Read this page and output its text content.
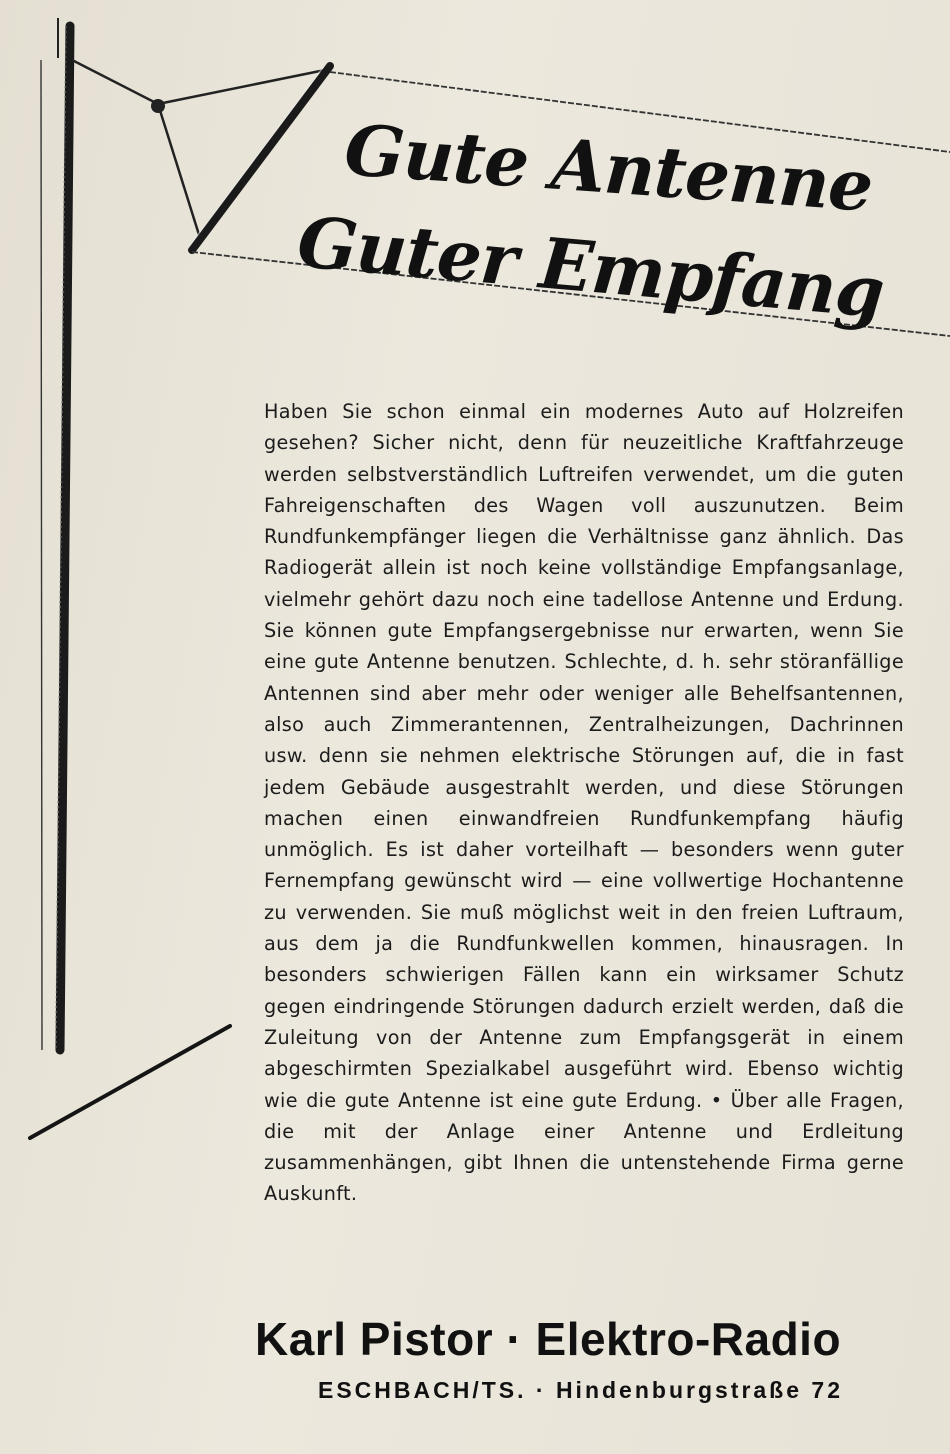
Gute Antenne

Guter Empfang

Haben Sie schon einmal ein modernes Auto auf Holzreifen gesehen? Sicher nicht, denn für neuzeitliche Kraftfahrzeuge werden selbstverständlich Luftreifen verwendet, um die guten Fahreigenschaften des Wagen voll auszunutzen. Beim Rundfunkempfänger liegen die Verhältnisse ganz ähnlich. Das Radiogerät allein ist noch keine vollständige Empfangsanlage, vielmehr gehört dazu noch eine tadellose Antenne und Erdung. Sie können gute Empfangsergebnisse nur erwarten, wenn Sie eine gute Antenne benutzen. Schlechte, d. h. sehr störanfällige Antennen sind aber mehr oder weniger alle Behelfsantennen, also auch Zimmerantennen, Zentralheizungen, Dachrinnen usw. denn sie nehmen elektrische Störungen auf, die in fast jedem Gebäude ausgestrahlt werden, und diese Störungen machen einen einwandfreien Rundfunkempfang häufig unmöglich. Es ist daher vorteilhaft — besonders wenn guter Fernempfang gewünscht wird — eine vollwertige Hochantenne zu verwenden. Sie muß möglichst weit in den freien Luftraum, aus dem ja die Rundfunkwellen kommen, hinausragen. In besonders schwierigen Fällen kann ein wirksamer Schutz gegen eindringende Störungen dadurch erzielt werden, daß die Zuleitung von der Antenne zum Empfangsgerät in einem abgeschirmten Spezialkabel ausgeführt wird. Ebenso wichtig wie die gute Antenne ist eine gute Erdung. • Über alle Fragen, die mit der Anlage einer Antenne und Erdleitung zusammenhängen, gibt Ihnen die untenstehende Firma gerne Auskunft.

Karl Pistor · Elektro-Radio

ESCHBACH/TS. · Hindenburgstraße 72
